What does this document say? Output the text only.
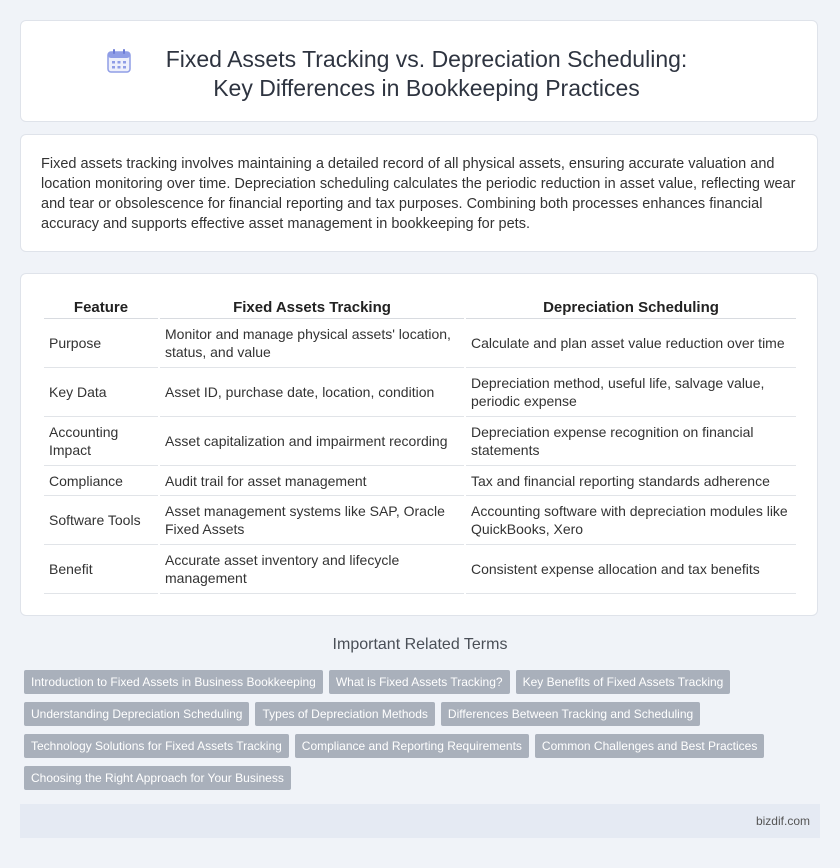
Fixed Assets Tracking vs. Depreciation Scheduling: Key Differences in Bookkeeping Practices

Fixed assets tracking involves maintaining a detailed record of all physical assets, ensuring accurate valuation and location monitoring over time. Depreciation scheduling calculates the periodic reduction in asset value, reflecting wear and tear or obsolescence for financial reporting and tax purposes. Combining both processes enhances financial accuracy and supports effective asset management in bookkeeping for pets.

Feature	Fixed Assets Tracking	Depreciation Scheduling
Purpose	Monitor and manage physical assets' location, status, and value	Calculate and plan asset value reduction over time
Key Data	Asset ID, purchase date, location, condition	Depreciation method, useful life, salvage value, periodic expense
Accounting Impact	Asset capitalization and impairment recording	Depreciation expense recognition on financial statements
Compliance	Audit trail for asset management	Tax and financial reporting standards adherence
Software Tools	Asset management systems like SAP, Oracle Fixed Assets	Accounting software with depreciation modules like QuickBooks, Xero
Benefit	Accurate asset inventory and lifecycle management	Consistent expense allocation and tax benefits
Important Related Terms
Introduction to Fixed Assets in Business Bookkeeping What is Fixed Assets Tracking? Key Benefits of Fixed Assets Tracking
Understanding Depreciation Scheduling Types of Depreciation Methods Differences Between Tracking and Scheduling
Technology Solutions for Fixed Assets Tracking Compliance and Reporting Requirements Common Challenges and Best Practices
Choosing the Right Approach for Your Business
bizdif.com
